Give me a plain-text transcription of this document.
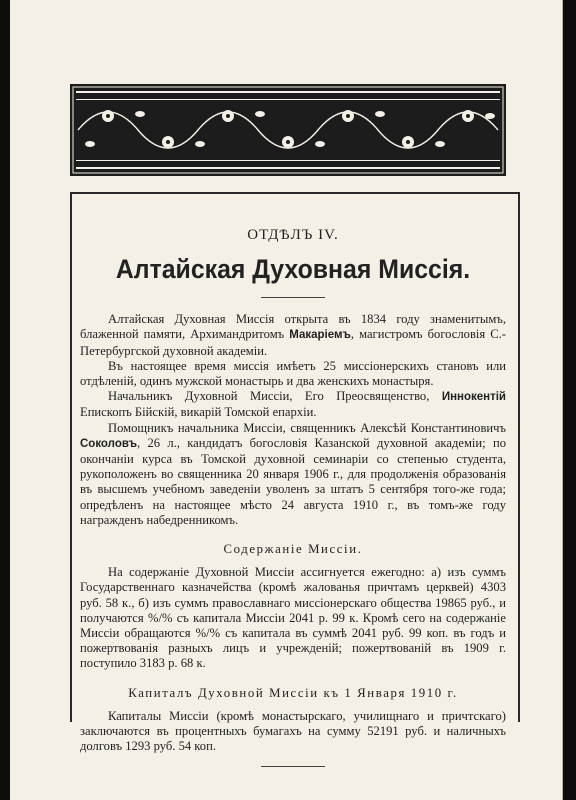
ОТДѢЛЪ IV.
Алтайская Духовная Миссія.

Алтайская Духовная Миссія открыта въ 1834 году знаменитымъ, блаженной памяти, Архимандритомъ Макаріемъ, магистромъ богословія С.-Петербургской духовной академіи.

Въ настоящее время миссія имѣетъ 25 миссіонерскихъ становъ или отдѣленій, одинъ мужской монастырь и два женскихъ монастыря.

Начальникъ Духовной Миссіи, Его Преосвященство, Иннокентій Епископъ Бійскій, викарій Томской епархіи.

Помощникъ начальника Миссіи, священникъ Алексѣй Константиновичъ Соколовъ, 26 л., кандидатъ богословія Казанской духовной академіи; по окончаніи курса въ Томской духовной семинаріи со степенью студента, рукоположенъ во священника 20 января 1906 г., для продолженія образованія въ высшемъ учебномъ заведеніи уволенъ за штатъ 5 сентября того-же года; опредѣленъ на настоящее мѣсто 24 августа 1910 г., въ томъ-же году награжденъ набедренникомъ.

Содержаніе Миссіи.

На содержаніе Духовной Миссіи ассигнуется ежегодно: а) изъ суммъ Государственнаго казначейства (кромѣ жалованья причтамъ церквей) 4303 руб. 58 к., б) изъ суммъ православнаго миссіонерскаго общества 19865 руб., и получаются %/% съ капитала Миссіи 2041 р. 99 к. Кромѣ сего на содержаніе Миссіи обращаются %/% съ капитала въ суммѣ 2041 руб. 99 коп. въ годъ и пожертвованія разныхъ лицъ и учрежденій; пожертвованій въ 1909 г. поступило 3183 р. 68 к.

Капиталъ Духовной Миссіи къ 1 Января 1910 г.

Капиталы Миссіи (кромѣ монастырскаго, училищнаго и причтскаго) заключаются въ процентныхъ бумагахъ на сумму 52191 руб. и наличныхъ долговъ 1293 руб. 54 коп.
